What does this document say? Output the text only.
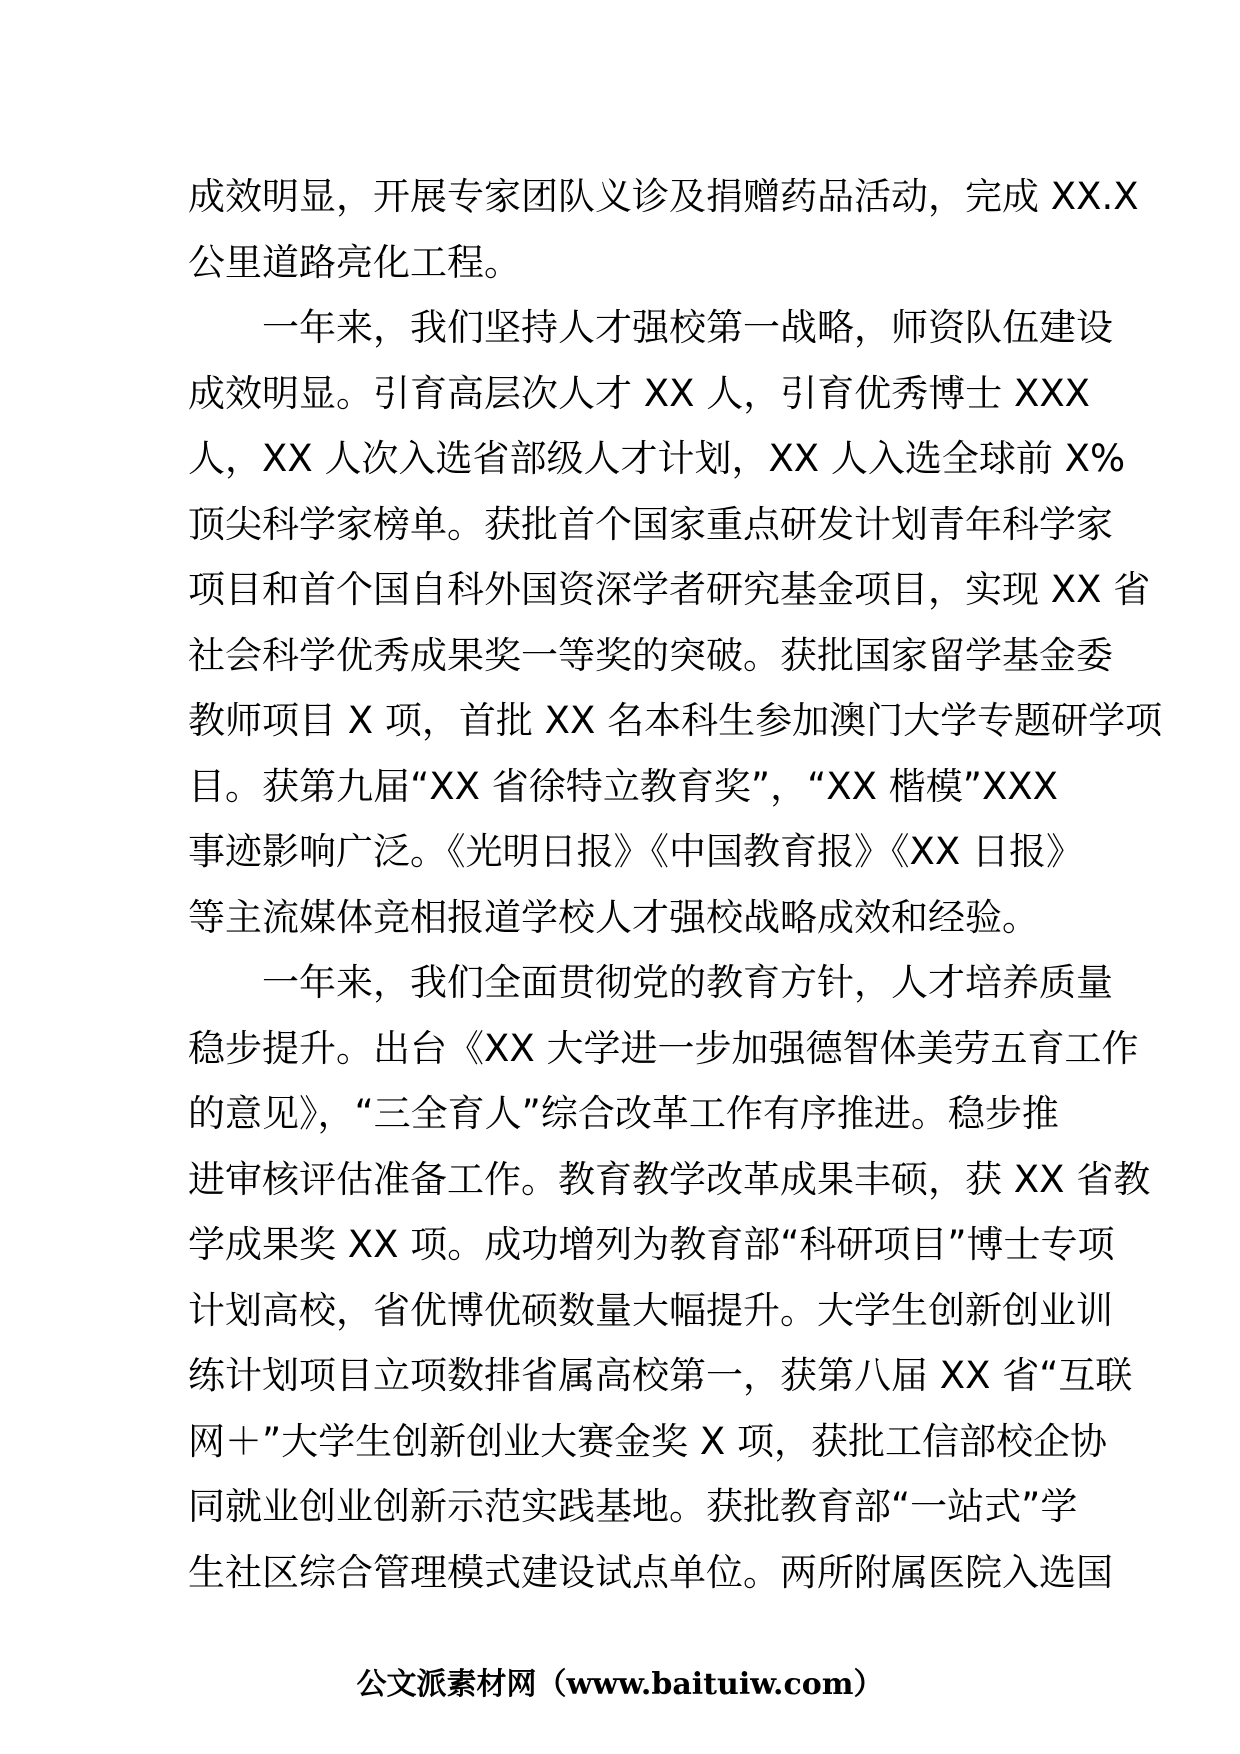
成效明显，开展专家团队义诊及捐赠药品活动，完成 XX.X
公里道路亮化工程。
一年来，我们坚持人才强校第一战略，师资队伍建设
成效明显。引育高层次人才 XX 人，引育优秀博士 XXX
人，XX 人次入选省部级人才计划，XX 人入选全球前 X%
顶尖科学家榜单。获批首个国家重点研发计划青年科学家
项目和首个国自科外国资深学者研究基金项目，实现 XX 省
社会科学优秀成果奖一等奖的突破。获批国家留学基金委
教师项目 X 项，首批 XX 名本科生参加澳门大学专题研学项
目。获第九届“XX 省徐特立教育奖”，“XX 楷模”XXX
事迹影响广泛。《光明日报》《中国教育报》《XX 日报》
等主流媒体竞相报道学校人才强校战略成效和经验。
一年来，我们全面贯彻党的教育方针，人才培养质量
稳步提升。出台《XX 大学进一步加强德智体美劳五育工作
的意见》，“三全育人”综合改革工作有序推进。稳步推
进审核评估准备工作。教育教学改革成果丰硕，获 XX 省教
学成果奖 XX 项。成功增列为教育部“科研项目”博士专项
计划高校，省优博优硕数量大幅提升。大学生创新创业训
练计划项目立项数排省属高校第一，获第八届 XX 省“互联
网＋”大学生创新创业大赛金奖 X 项，获批工信部校企协
同就业创业创新示范实践基地。获批教育部“一站式”学
生社区综合管理模式建设试点单位。两所附属医院入选国
公文派素材网（www.baituiw.com）
